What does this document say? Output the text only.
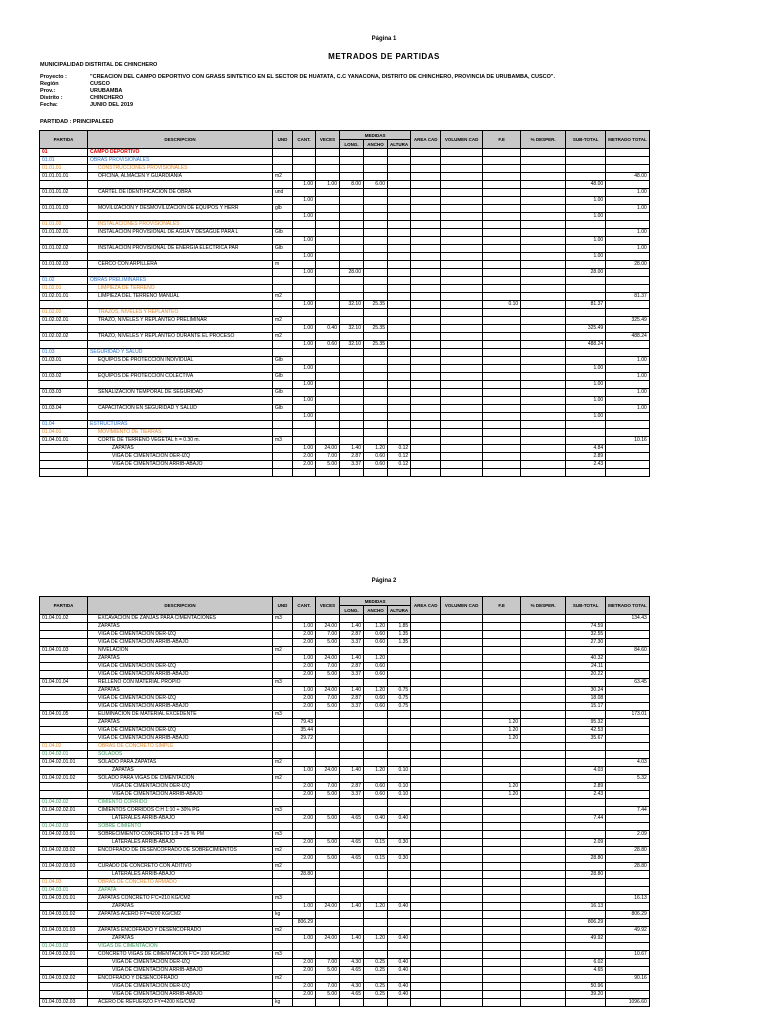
Página 1
METRADOS DE PARTIDAS
MUNICIPALIDAD DISTRITAL DE CHINCHERO
Proyecto :	"CREACION DEL CAMPO DEPORTIVO CON GRASS SINTETICO EN EL SECTOR DE HUATATA, C.C YANACONA, DISTRITO DE CHINCHERO, PROVINCIA DE URUBAMBA, CUSCO".
Región	CUSCO
Prov.:	URUBAMBA
Distrito :	CHINCHERO
Fecha:	JUNIO DEL 2019
PARTIDAD : PRINCIPALEED
PARTIDA	DESCRIPCION	UND	CANT.	VECES	MEDIDAS			AREA CAD	VOLUMEN CAD	F.E	% DESPER.	SUB-TOTAL	METRADO TOTAL
					LONG.	ANCHO	ALTURA						
01	CAMPO DEPORTIVO												
01.01	OBRAS PROVISIONALES												
01.01.01	CONSTRUCCIONES PROVISIONALES												
01.01.01.01	OFICINA, ALMACEN Y GUARDIANIA	m2											48.00
			1.00	1.00	8.00	6.00						48.00	
01.01.01.02	CARTEL DE IDENTIFICACION DE OBRA	und											1.00
			1.00									1.00	
01.01.01.03	MOVILIZACION Y DESMOVILIZACION DE EQUIPOS Y HERR	glb											1.00
			1.00									1.00	
01.01.02	INSTALACIONES PROVISIONALES												
01.01.02.01	INSTALACION PROVISIONAL DE AGUA Y DESAGUE PARA L	Glb											1.00
			1.00									1.00	
01.01.02.02	INSTALACION PROVISIONAL DE ENERGIA ELECTRICA PAR	Glb											1.00
			1.00									1.00	
01.01.02.03	CERCO CON ARPILLERA	m											28.00
			1.00		28.00							28.00	
01.02	OBRAS PRELIMINARES												
01.02.01	LIMPIEZA DE TERRENO												
01.02.01.01	LIMPIEZA DEL TERRENO MANUAL	m2											81.37
			1.00		32.10	25.35				0.10		81.37	
01.02.02	TRAZOS, NIVELES Y REPLANTEO												
01.02.02.01	TRAZO, NIVELES Y REPLANTEO PRELIMINAR	m2											325.49
			1.00	0.40	32.10	25.35						325.49	
01.02.02.02	TRAZO, NIVELES Y REPLANTEO DURANTE EL PROCESO	m2											488.24
			1.00	0.60	32.10	25.35						488.24	
01.03	SEGURIDAD Y SALUD												
01.03.01	EQUIPOS DE PROTECCION INDIVIDUAL	Glb											1.00
			1.00									1.00	
01.03.02	EQUIPOS DE PROTECCION COLECTIVA	Glb											1.00
			1.00									1.00	
01.03.03	SEÑALIZACION TEMPORAL DE SEGURIDAD	Glb											1.00
			1.00									1.00	
01.03.04	CAPACITACION EN SEGURIDAD Y SALUD	Glb											1.00
			1.00									1.00	
01.04	ESTRUCTURAS												
01.04.01	MOVIMIENTO DE TIERRAS												
01.04.01.01	CORTE DE TERRENO VEGETAL h = 0.30 m.	m3											10.16
	ZAPATAS		1.00	24.00	1.40	1.20	0.12					4.84	
	VIGA DE CIMENTACION DER-IZQ		2.00	7.00	2.87	0.60	0.12					2.89	
	VIGA DE CIMENTACION ARRIB-ABAJO		2.00	5.00	3.37	0.60	0.12					2.43	

Página 2
PARTIDA	DESCRIPCION	UND	CANT.	VECES	MEDIDAS			AREA CAD	VOLUMEN CAD	F.E	% DESPER.	SUB-TOTAL	METRADO TOTAL
					LONG.	ANCHO	ALTURA						
01.04.01.02	EXCAVACION DE ZANJAS PARA CIMENTACIONES	m3											134.43
	ZAPATAS		1.00	24.00	1.40	1.20	1.85					74.59	
	VIGA DE CIMENTACION DER-IZQ		2.00	7.00	2.87	0.60	1.35					32.55	
	VIGA DE CIMENTACION ARRIB-ABAJO		2.00	5.00	3.37	0.60	1.35					27.30	
01.04.01.03	NIVELACION	m2											84.60
	ZAPATAS		1.00	24.00	1.40	1.20						40.32	
	VIGA DE CIMENTACION DER-IZQ		2.00	7.00	2.87	0.60						24.11	
	VIGA DE CIMENTACION ARRIB-ABAJO		2.00	5.00	3.37	0.60						20.22	
01.04.01.04	RELLENO CON MATERIAL PROPIO	m3											63.45
	ZAPATAS		1.00	24.00	1.40	1.20	0.75					30.24	
	VIGA DE CIMENTACION DER-IZQ		2.00	7.00	2.87	0.60	0.75					18.08	
	VIGA DE CIMENTACION ARRIB-ABAJO		2.00	5.00	3.37	0.60	0.75					15.17	
01.04.01.05	ELIMINACION DE MATERIAL EXCEDENTE	m3											173.01
	ZAPATAS		79.43							1.20		95.32	
	VIGA DE CIMENTACION DER-IZQ		35.44							1.20		42.53	
	VIGA DE CIMENTACION ARRIB-ABAJO		29.72							1.20		35.67	
01.04.02	OBRAS DE CONCRETO SIMPLE												
01.04.02.01	SOLADOS												
01.04.02.01.01	SOLADO PARA ZAPATAS	m2											4.03
	ZAPATAS		1.00	24.00	1.40	1.20	0.10					4.03	
01.04.02.01.02	SOLADO PARA VIGAS DE CIMENTACION	m2											5.32
	VIGA DE CIMENTACION DER-IZQ		2.00	7.00	2.87	0.60	0.10			1.20		2.89	
	VIGA DE CIMENTACION ARRIB-ABAJO		2.00	5.00	3.37	0.60	0.10			1.20		2.43	
01.04.02.02	CIMIENTO CORRIDO												
01.04.02.02.01	CIMIENTOS CORRIDOS C:H 1:10 + 30% PG	m3											7.44
	LATERALES ARRIB-ABAJO		2.00	5.00	4.65	0.40	0.40					7.44	
01.04.02.03	SOBRE CIMIENTO												
01.04.02.03.01	SOBRECIMIENTO CONCRETO 1:8 + 25 % PM	m3											2.09
	LATERALES ARRIB-ABAJO		2.00	5.00	4.65	0.15	0.30					2.09	
01.04.02.03.02	ENCOFRADO DE DESENCOFRADO DE SOBRECIMIENTOS	m2											28.80
			2.00	5.00	4.65	0.15	0.30					28.80	
01.04.02.03.03	CURADO DE CONCRETO CON ADITIVO	m2											28.80
	LATERALES ARRIB-ABAJO		28.80									28.80	
01.04.03	OBRAS DE CONCRETO ARMADO												
01.04.03.01	ZAPATA												
01.04.03.01.01	ZAPATAS CONCRETO F'C=210 KG/CM2	m3											16.13
	ZAPATAS		1.00	24.00	1.40	1.20	0.40					16.13	
01.04.03.01.02	ZAPATAS ACERO FY=4200 KG/CM2	kg											806.29
			806.29									806.29	
01.04.03.01.03	ZAPATAS ENCOFRADO Y DESENCOFRADO	m2											49.92
	ZAPATAS		1.00	24.00	1.40	1.20	0.40					49.92	
01.04.03.02	VIGAS DE CIMENTACION												
01.04.03.02.01	CONCRETO VIGAS DE CIMENTACION F'C= 210 KG/CM2	m3											10.67
	VIGA DE CIMENTACION DER-IZQ		2.00	7.00	4.30	0.25	0.40					6.02	
	VIGA DE CIMENTACION ARRIB-ABAJO		2.00	5.00	4.65	0.25	0.40					4.65	
01.04.03.02.02	ENCOFRADO Y DESENCOFRADO	m2											90.16
	VIGA DE CIMENTACION DER-IZQ		2.00	7.00	4.30	0.25	0.40					50.96	
	VIGA DE CIMENTACION ARRIB-ABAJO		2.00	5.00	4.65	0.25	0.40					39.20	
01.04.03.02.03	ACERO DE REFUERZO FY=4200 KG/CM2	kg											1096.60
